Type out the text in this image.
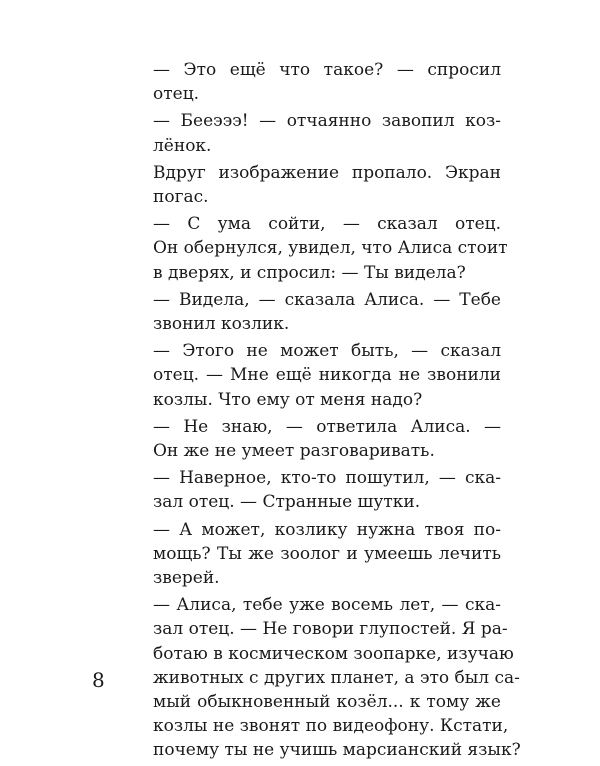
— Это ещё что такое? — спросил
отец.

— Бееэээ! — отчаянно завопил коз-
лёнок.

Вдруг изображение пропало. Экран
погас.

— С ума сойти, — сказал отец.
Он обернулся, увидел, что Алиса стоит
в дверях, и спросил: — Ты видела?

— Видела, — сказала Алиса. — Тебе
звонил козлик.

— Этого не может быть, — сказал
отец. — Мне ещё никогда не звонили
козлы. Что ему от меня надо?

— Не знаю, — ответила Алиса. —
Он же не умеет разговаривать.

— Наверное, кто-то пошутил, — ска-
зал отец. — Странные шутки.

— А может, козлику нужна твоя по-
мощь? Ты же зоолог и умеешь лечить
зверей.

— Алиса, тебе уже восемь лет, — ска-
зал отец. — Не говори глупостей. Я ра-
ботаю в космическом зоопарке, изучаю
животных с других планет, а это был са-
мый обыкновенный козёл... к тому же
козлы не звонят по видеофону. Кстати,
почему ты не учишь марсианский язык?

8
